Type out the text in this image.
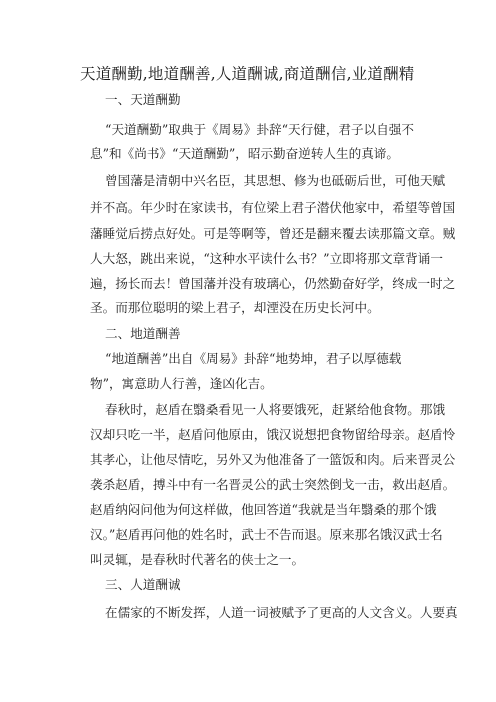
天道酬勤,地道酬善,人道酬诚,商道酬信,业道酬精
一、天道酬勤
“天道酬勤”取典于《周易》卦辞“天行健，君子以自强不
息”和《尚书》“天道酬勤”，昭示勤奋逆转人生的真谛。
曾国藩是清朝中兴名臣，其思想、修为也砥砺后世，可他天赋
并不高。年少时在家读书，有位梁上君子潜伏他家中，希望等曾国
藩睡觉后捞点好处。可是等啊等，曾还是翻来覆去读那篇文章。贼
人大怒，跳出来说，“这种水平读什么书？”立即将那文章背诵一
遍，扬长而去！曾国藩并没有玻璃心，仍然勤奋好学，终成一时之
圣。而那位聪明的梁上君子，却湮没在历史长河中。
二、地道酬善
“地道酬善”出自《周易》卦辞“地势坤，君子以厚德载
物”，寓意助人行善，逢凶化吉。
春秋时，赵盾在翳桑看见一人将要饿死，赶紧给他食物。那饿
汉却只吃一半，赵盾问他原由，饿汉说想把食物留给母亲。赵盾怜
其孝心，让他尽情吃，另外又为他准备了一篮饭和肉。后来晋灵公
袭杀赵盾，搏斗中有一名晋灵公的武士突然倒戈一击，救出赵盾。
赵盾纳闷问他为何这样做，他回答道“我就是当年翳桑的那个饿
汉。”赵盾再问他的姓名时，武士不告而退。原来那名饿汉武士名
叫灵辄，是春秋时代著名的侠士之一。
三、人道酬诚
在儒家的不断发挥，人道一词被赋予了更高的人文含义。人要真
